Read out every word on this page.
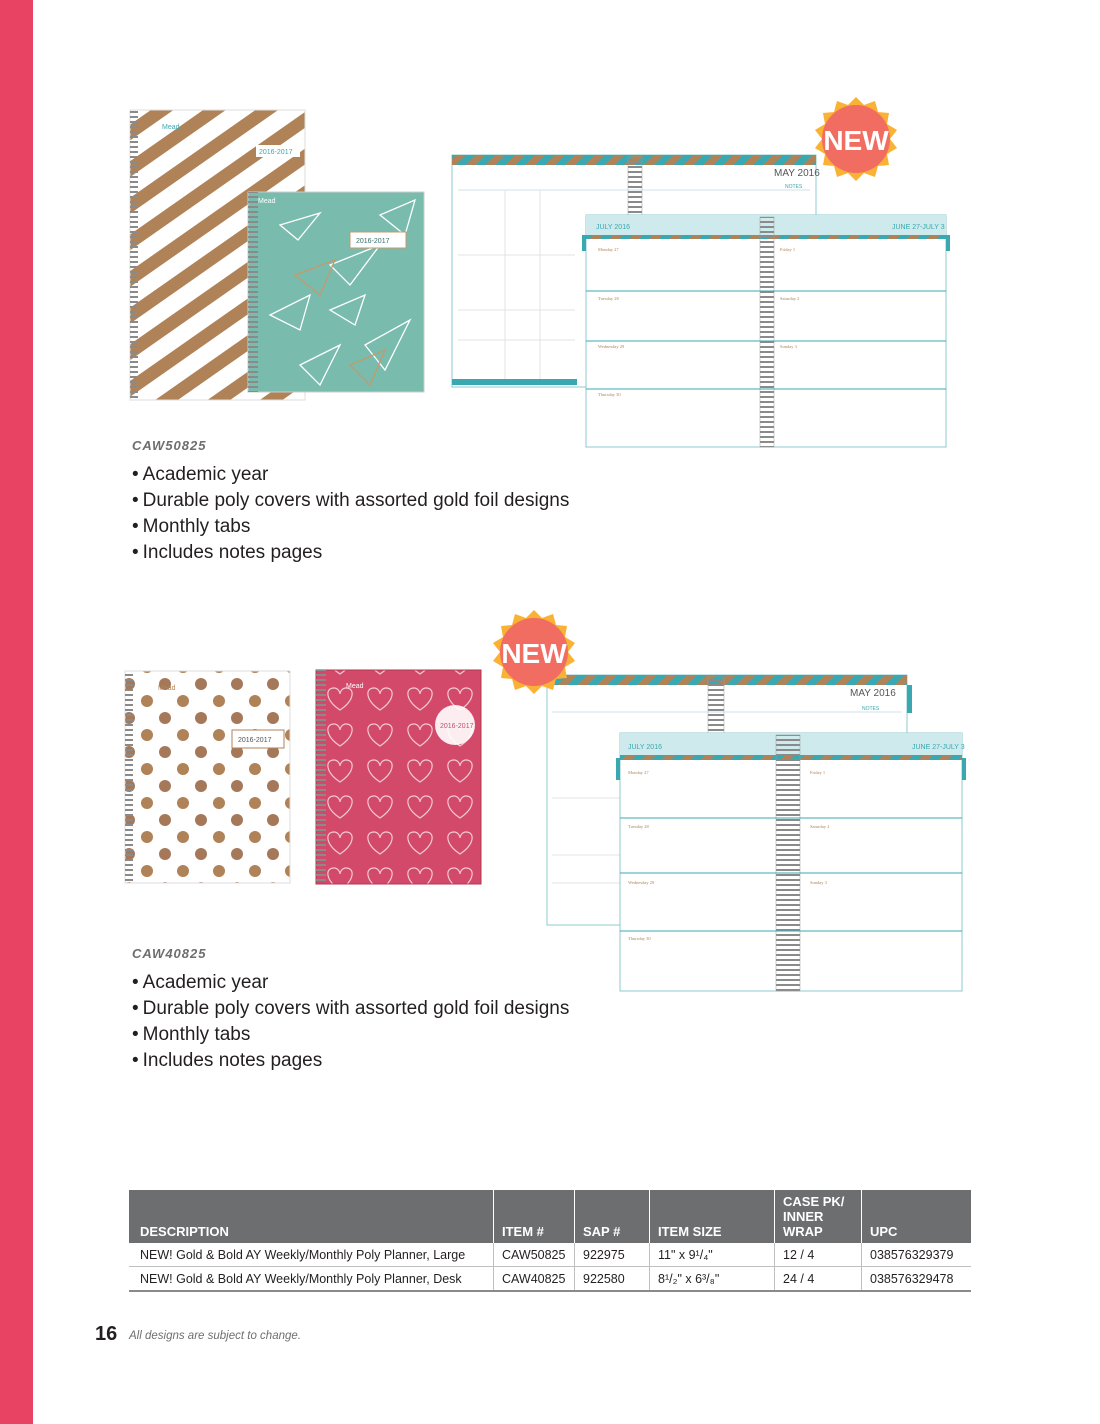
Mead
2016-2017
2016-2017
Mead
MAY 2016
NOTES
JULY 2016	JUNE 27-JULY 3
Monday 27
Tuesday 28
Wednesday 29
Thursday 30
Friday 1
Saturday 2
Sunday 3
NEW
CAW50825
• Academic year
• Durable poly covers with assorted gold foil designs
• Monthly tabs
• Includes notes pages
2016-2017
Mead
2016-2017
Mead
MAY 2016
NOTES
JULY 2016	JUNE 27-JULY 3
Monday 27
Tuesday 28
Wednesday 29
Thursday 30
Friday 1
Saturday 2
Sunday 3
NEW
CAW40825
• Academic year
• Durable poly covers with assorted gold foil designs
• Monthly tabs
• Includes notes pages
DESCRIPTION	ITEM #	SAP #	ITEM SIZE	CASE PK/ INNER WRAP	UPC
NEW! Gold & Bold AY Weekly/Monthly Poly Planner, Large	CAW50825	922975	11" x 9¹/₄"	12 / 4	038576329379
NEW! Gold & Bold AY Weekly/Monthly Poly Planner, Desk	CAW40825	922580	8¹/₂" x 6³/₈"	24 / 4	038576329478
16 All designs are subject to change.
